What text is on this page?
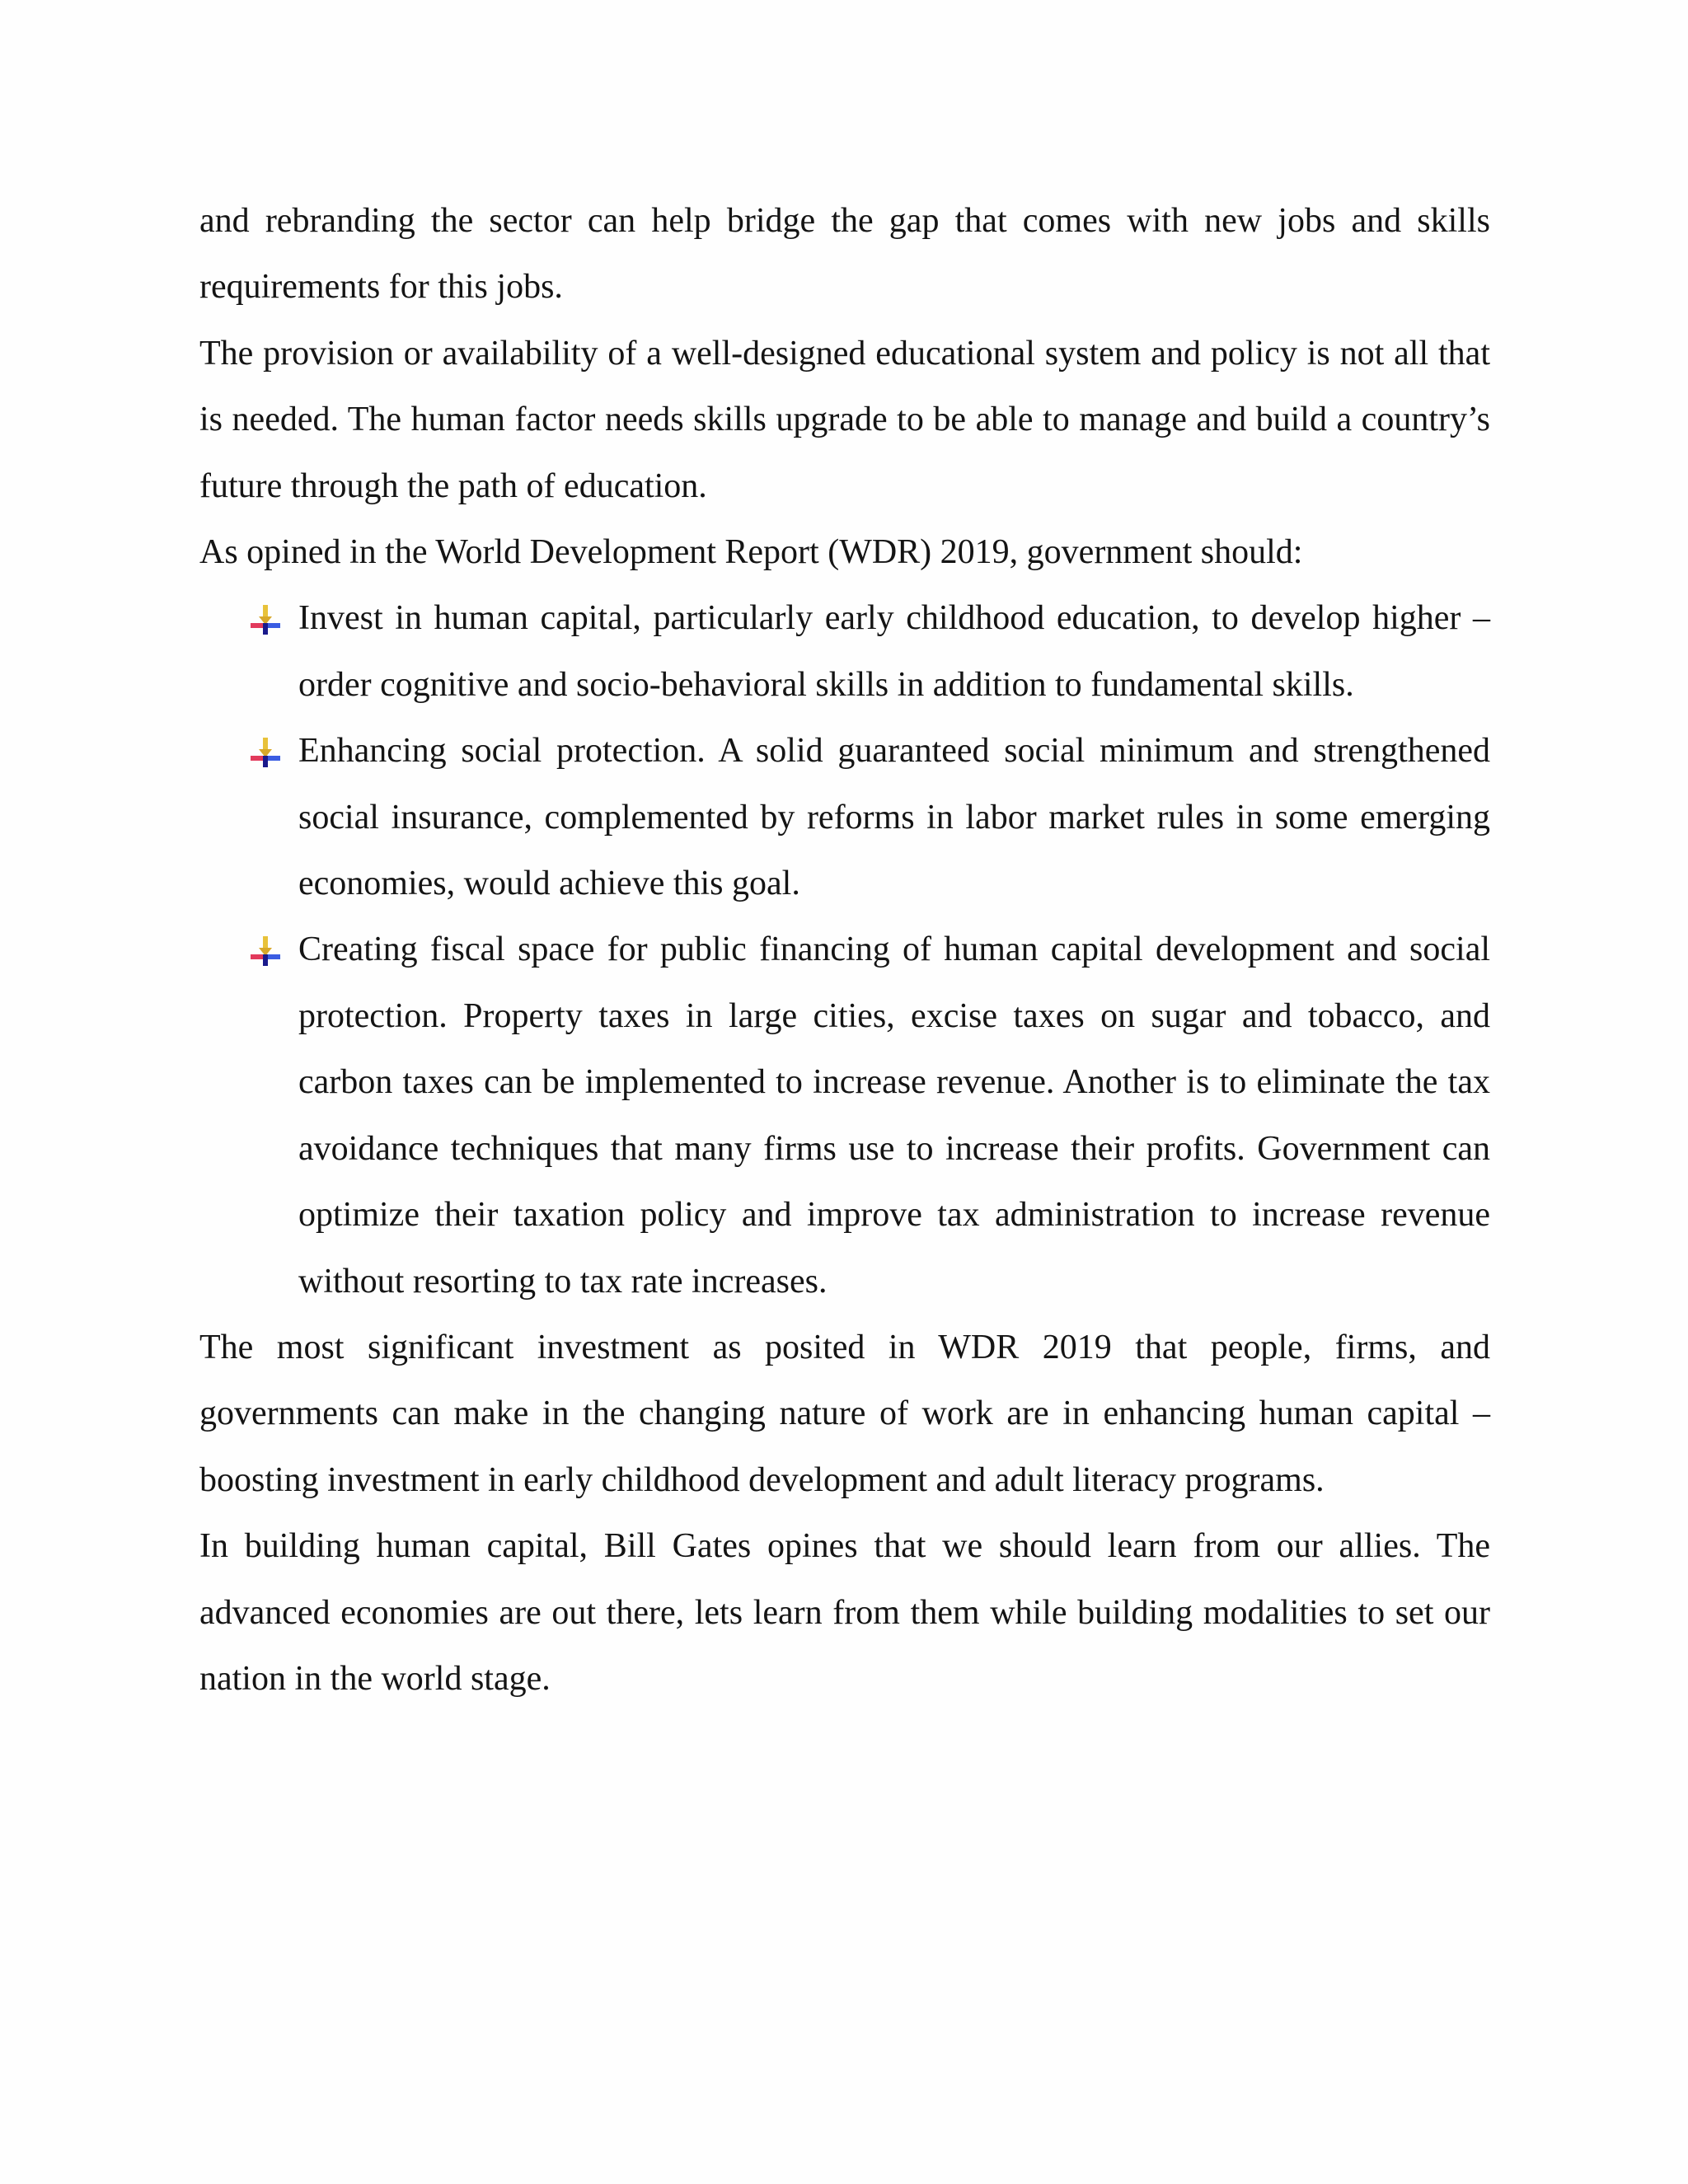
and rebranding the sector can help bridge the gap that comes with new jobs and skills requirements for this jobs.

The provision or availability of a well-designed educational system and policy is not all that is needed. The human factor needs skills upgrade to be able to manage and build a country’s future through the path of education.

As opined in the World Development Report (WDR) 2019, government should:

Invest in human capital, particularly early childhood education, to develop higher – order cognitive and socio-behavioral skills in addition to fundamental skills.
Enhancing social protection. A solid guaranteed social minimum and strengthened social insurance, complemented by reforms in labor market rules in some emerging economies, would achieve this goal.
Creating fiscal space for public financing of human capital development and social protection. Property taxes in large cities, excise taxes on sugar and tobacco, and carbon taxes can be implemented to increase revenue. Another is to eliminate the tax avoidance techniques that many firms use to increase their profits. Government can optimize their taxation policy and improve tax administration to increase revenue without resorting to tax rate increases.

The most significant investment as posited in WDR 2019 that people, firms, and governments can make in the changing nature of work are in enhancing human capital – boosting investment in early childhood development and adult literacy programs.

In building human capital, Bill Gates opines that we should learn from our allies. The advanced economies are out there, lets learn from them while building modalities to set our nation in the world stage.
